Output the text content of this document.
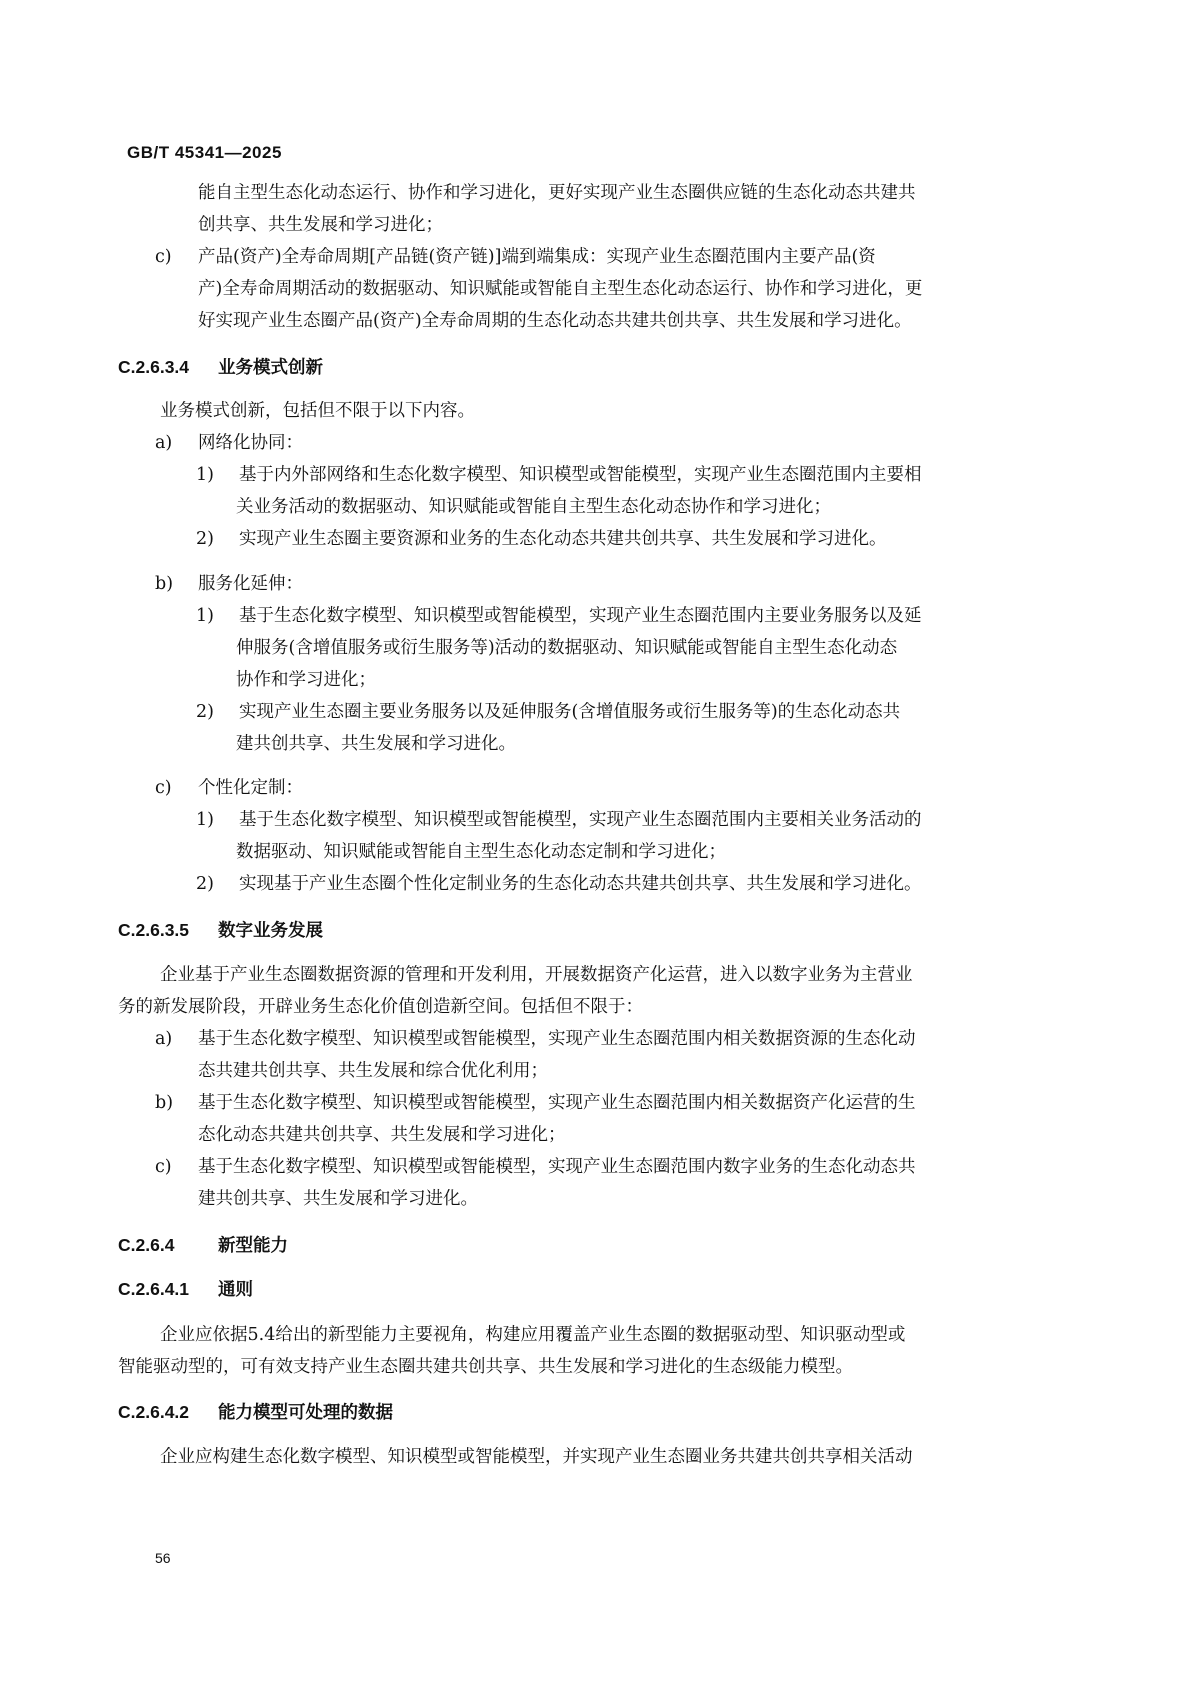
GB/T 45341—2025
能自主型生态化动态运行、协作和学习进化，更好实现产业生态圈供应链的生态化动态共建共
创共享、共生发展和学习进化；
c) 产品(资产)全寿命周期[产品链(资产链)]端到端集成：实现产业生态圈范围内主要产品(资
产)全寿命周期活动的数据驱动、知识赋能或智能自主型生态化动态运行、协作和学习进化，更
好实现产业生态圈产品(资产)全寿命周期的生态化动态共建共创共享、共生发展和学习进化。
C.2.6.3.4 业务模式创新
业务模式创新，包括但不限于以下内容。
a) 网络化协同：
1) 基于内外部网络和生态化数字模型、知识模型或智能模型，实现产业生态圈范围内主要相
关业务活动的数据驱动、知识赋能或智能自主型生态化动态协作和学习进化；
2) 实现产业生态圈主要资源和业务的生态化动态共建共创共享、共生发展和学习进化。
b) 服务化延伸：
1) 基于生态化数字模型、知识模型或智能模型，实现产业生态圈范围内主要业务服务以及延
伸服务(含增值服务或衍生服务等)活动的数据驱动、知识赋能或智能自主型生态化动态
协作和学习进化；
2) 实现产业生态圈主要业务服务以及延伸服务(含增值服务或衍生服务等)的生态化动态共
建共创共享、共生发展和学习进化。
c) 个性化定制：
1) 基于生态化数字模型、知识模型或智能模型，实现产业生态圈范围内主要相关业务活动的
数据驱动、知识赋能或智能自主型生态化动态定制和学习进化；
2) 实现基于产业生态圈个性化定制业务的生态化动态共建共创共享、共生发展和学习进化。
C.2.6.3.5 数字业务发展
企业基于产业生态圈数据资源的管理和开发利用，开展数据资产化运营，进入以数字业务为主营业
务的新发展阶段，开辟业务生态化价值创造新空间。包括但不限于：
a) 基于生态化数字模型、知识模型或智能模型，实现产业生态圈范围内相关数据资源的生态化动
态共建共创共享、共生发展和综合优化利用；
b) 基于生态化数字模型、知识模型或智能模型，实现产业生态圈范围内相关数据资产化运营的生
态化动态共建共创共享、共生发展和学习进化；
c) 基于生态化数字模型、知识模型或智能模型，实现产业生态圈范围内数字业务的生态化动态共
建共创共享、共生发展和学习进化。
C.2.6.4 新型能力
C.2.6.4.1 通则
企业应依据5.4给出的新型能力主要视角，构建应用覆盖产业生态圈的数据驱动型、知识驱动型或
智能驱动型的，可有效支持产业生态圈共建共创共享、共生发展和学习进化的生态级能力模型。
C.2.6.4.2 能力模型可处理的数据
企业应构建生态化数字模型、知识模型或智能模型，并实现产业生态圈业务共建共创共享相关活动
56
